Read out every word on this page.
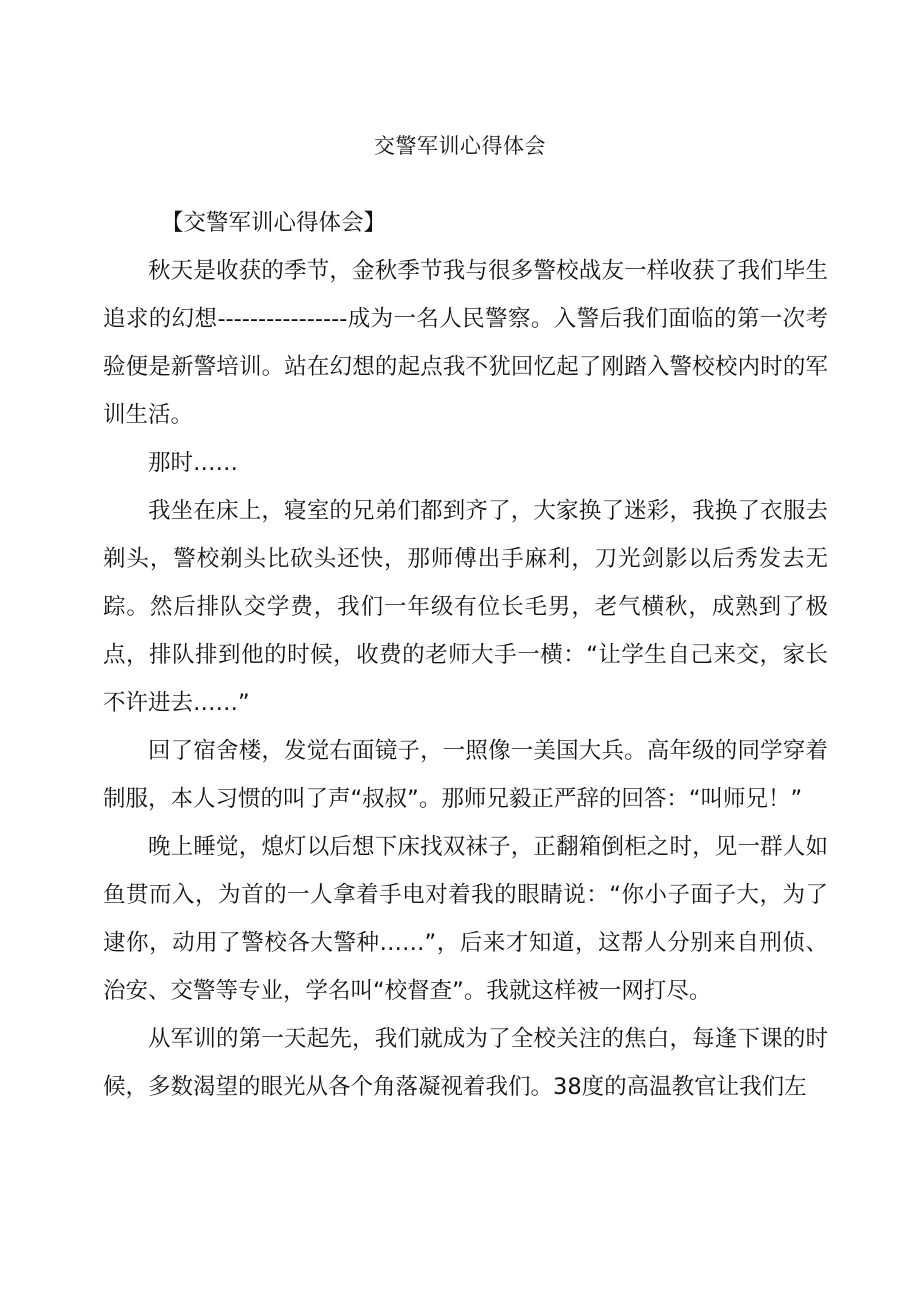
交警军训心得体会

【交警军训心得体会】

秋天是收获的季节，金秋季节我与很多警校战友一样收获了我们毕生追求的幻想----------------成为一名人民警察。入警后我们面临的第一次考验便是新警培训。站在幻想的起点我不犹回忆起了刚踏入警校校内时的军训生活。

那时……

我坐在床上，寝室的兄弟们都到齐了，大家换了迷彩，我换了衣服去剃头，警校剃头比砍头还快，那师傅出手麻利，刀光剑影以后秀发去无踪。然后排队交学费，我们一年级有位长毛男，老气横秋，成熟到了极点，排队排到他的时候，收费的老师大手一横：“让学生自己来交，家长不许进去……”

回了宿舍楼，发觉右面镜子，一照像一美国大兵。高年级的同学穿着制服，本人习惯的叫了声“叔叔”。那师兄毅正严辞的回答：“叫师兄！”

晚上睡觉，熄灯以后想下床找双袜子，正翻箱倒柜之时，见一群人如鱼贯而入，为首的一人拿着手电对着我的眼睛说：“你小子面子大，为了逮你，动用了警校各大警种……”，后来才知道，这帮人分别来自刑侦、治安、交警等专业，学名叫“校督查”。我就这样被一网打尽。

从军训的第一天起先，我们就成为了全校关注的焦白，每逢下课的时候，多数渴望的眼光从各个角落凝视着我们。38度的高温教官让我们左
